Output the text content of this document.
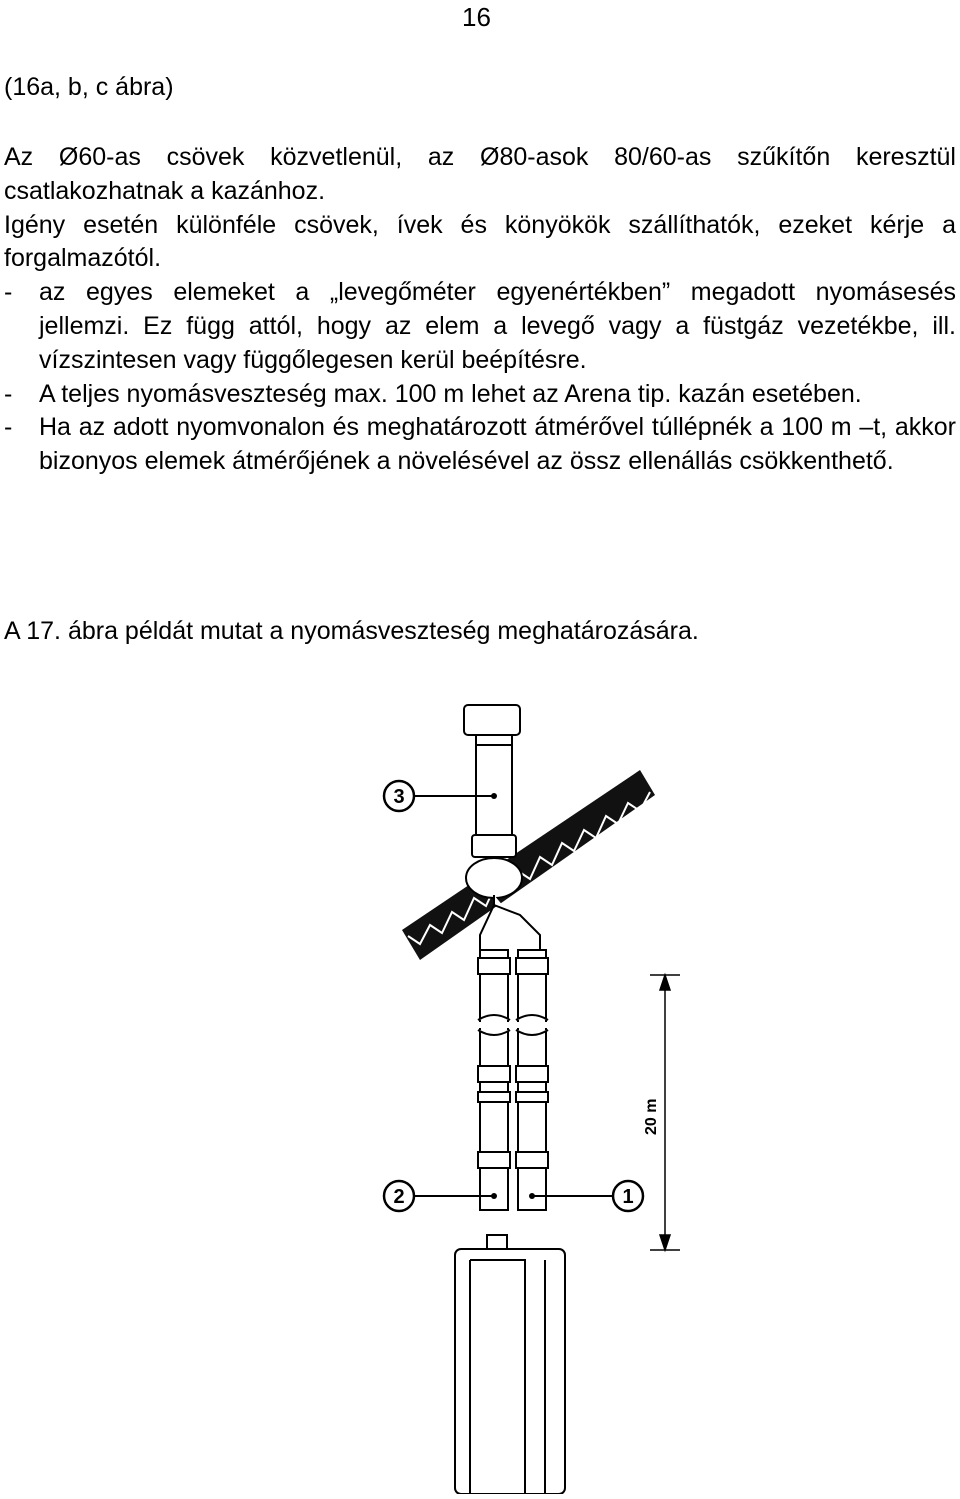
16
(16a, b, c ábra)

Az Ø60-as csövek közvetlenül, az Ø80-asok 80/60-as szűkítőn keresztül csatlakozhatnak a kazánhoz.

Igény esetén különféle csövek, ívek és könyökök szállíthatók, ezeket kérje a forgalmazótól.

-	az egyes elemeket a „levegőméter egyenértékben” megadott nyomásesés jellemzi. Ez függ attól, hogy az elem a levegő vagy a füstgáz vezetékbe, ill. vízszintesen vagy függőlegesen kerül beépítésre.
-	A teljes nyomásveszteség max. 100 m lehet az Arena tip. kazán esetében.
-	Ha az adott nyomvonalon és meghatározott átmérővel túllépnék a 100 m –t, akkor bizonyos elemek átmérőjének a növelésével az össz ellenállás csökkenthető.
A 17. ábra példát mutat a nyomásveszteség meghatározására.
20 m
3
2	1
